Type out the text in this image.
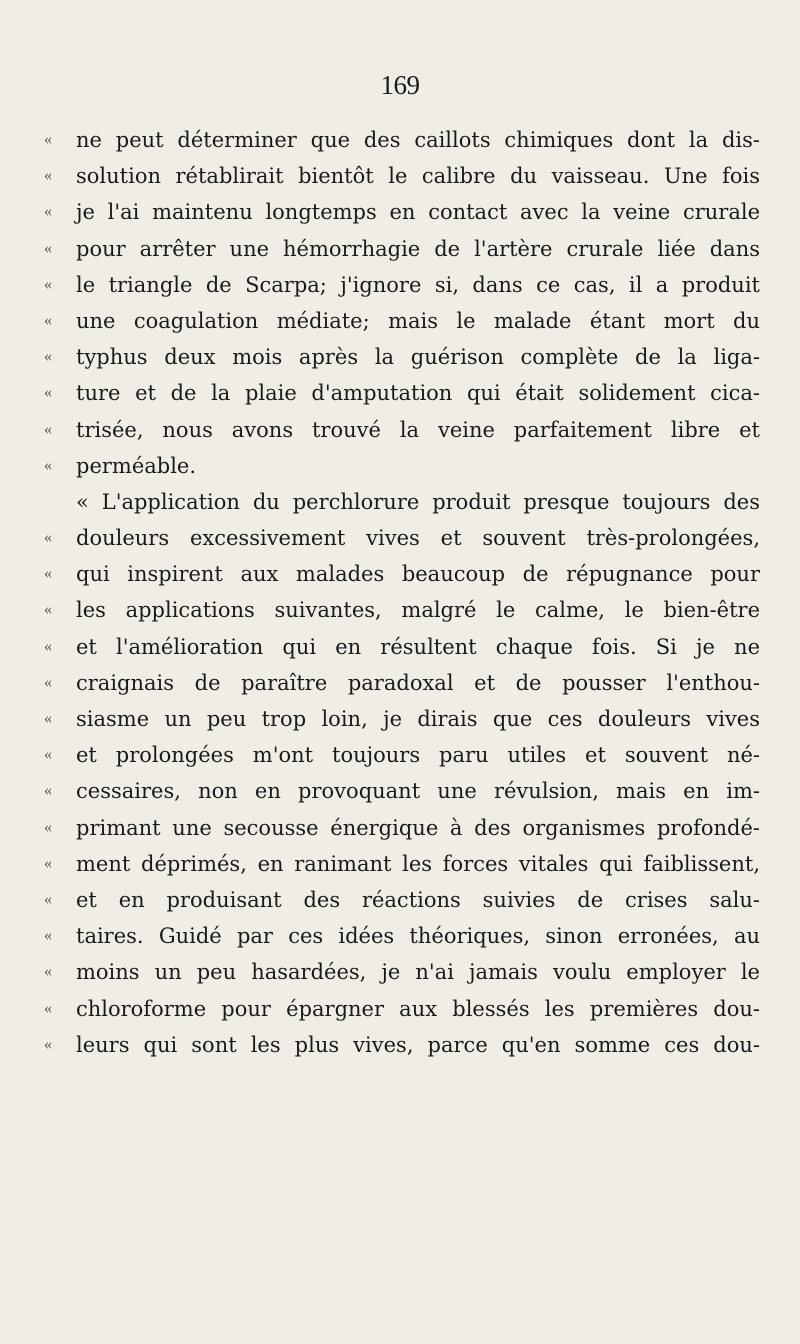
169
«	ne peut déterminer que des caillots chimiques dont la dis-
«	solution rétablirait bientôt le calibre du vaisseau. Une fois
«	je l'ai maintenu longtemps en contact avec la veine crurale
«	pour arrêter une hémorrhagie de l'artère crurale liée dans
«	le triangle de Scarpa; j'ignore si, dans ce cas, il a produit
«	une coagulation médiate; mais le malade étant mort du
«	typhus deux mois après la guérison complète de la liga-
«	ture et de la plaie d'amputation qui était solidement cica-
«	trisée, nous avons trouvé la veine parfaitement libre et
«	perméable.
« L'application du perchlorure produit presque toujours des
«	douleurs excessivement vives et souvent très-prolongées,
«	qui inspirent aux malades beaucoup de répugnance pour
«	les applications suivantes, malgré le calme, le bien-être
«	et l'amélioration qui en résultent chaque fois. Si je ne
«	craignais de paraître paradoxal et de pousser l'enthou-
«	siasme un peu trop loin, je dirais que ces douleurs vives
«	et prolongées m'ont toujours paru utiles et souvent né-
«	cessaires, non en provoquant une révulsion, mais en im-
«	primant une secousse énergique à des organismes profondé-
«	ment déprimés, en ranimant les forces vitales qui faiblissent,
«	et en produisant des réactions suivies de crises salu-
«	taires. Guidé par ces idées théoriques, sinon erronées, au
«	moins un peu hasardées, je n'ai jamais voulu employer le
«	chloroforme pour épargner aux blessés les premières dou-
«	leurs qui sont les plus vives, parce qu'en somme ces dou-
